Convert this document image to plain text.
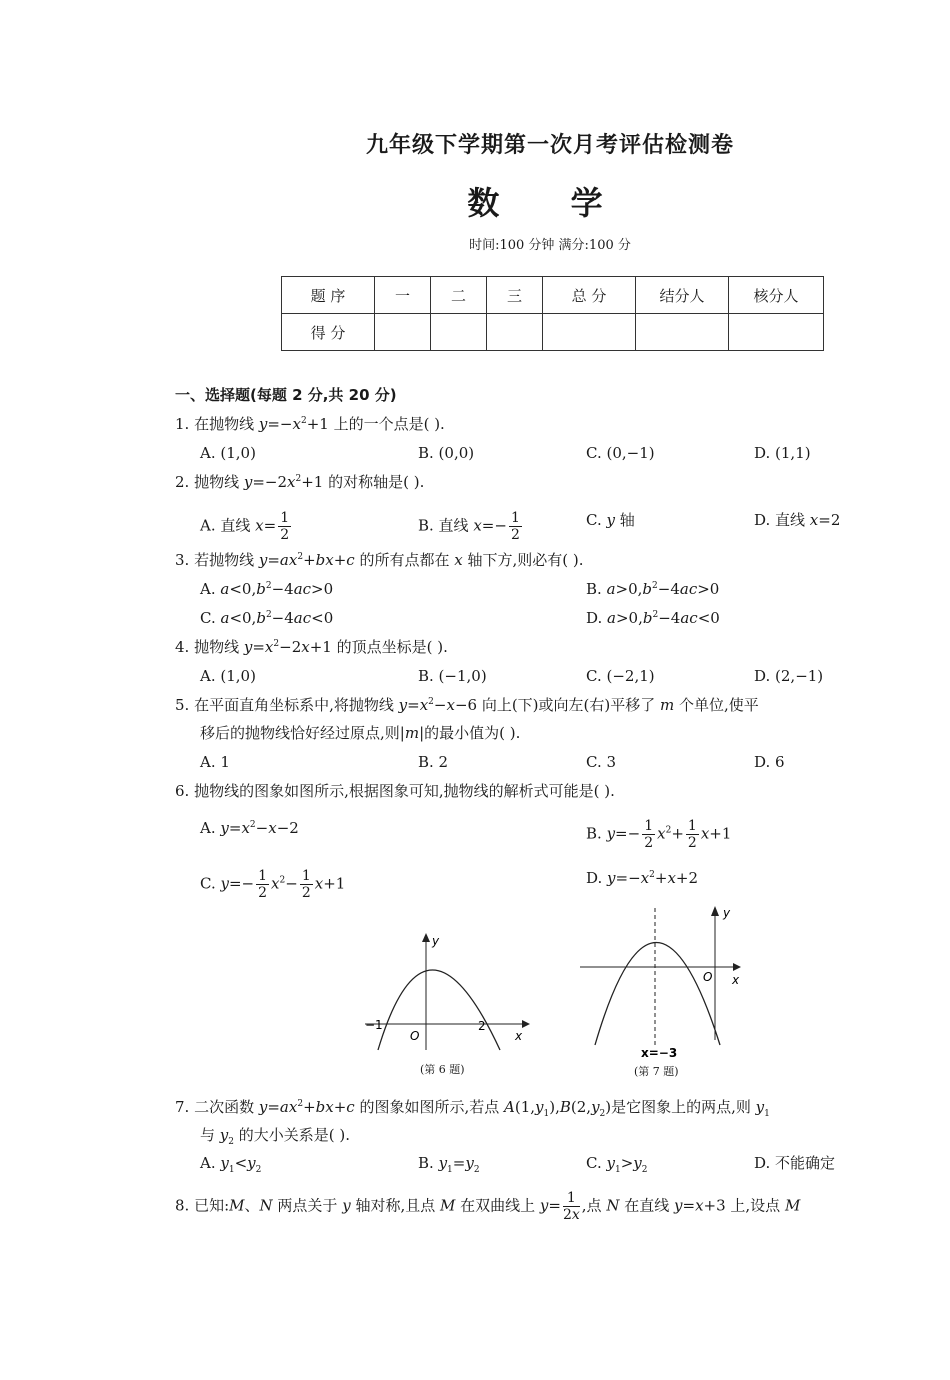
九年级下学期第一次月考评估检测卷
数 学
时间:100 分钟 满分:100 分
题 序	一	二	三	总 分	结分人	核分人
得 分						
一、选择题(每题 2 分,共 20 分)
1. 在抛物线 $y=-x^2+1$ 上的一个点是( ).
A. (1,0)	B. (0,0)	C. (0,−1)	D. (1,1)
2. 抛物线 $y=-2x^2+1$ 的对称轴是( ).
A. 直线 $x= \frac{1}{2}$	B. 直线 $x=- \frac{1}{2}$	C. y 轴	D. 直线 x=2
3. 若抛物线 $y=ax^2+bx+c$ 的所有点都在 x 轴下方,则必有( ).
A. $a<0,b^2-4ac>0$	B. $a>0,b^2-4ac>0$
C. $a<0,b^2-4ac<0$	D. $a>0,b^2-4ac<0$
4. 抛物线 $y=x^2-2x+1$ 的顶点坐标是( ).
A. (1,0)	B. (−1,0)	C. (−2,1)	D. (2,−1)
5. 在平面直角坐标系中,将抛物线 $y=x^2-x-6$ 向上(下)或向左(右)平移了 m 个单位,使平
移后的抛物线恰好经过原点,则|m|的最小值为( ).
A. 1	B. 2	C. 3	D. 6
6. 抛物线的图象如图所示,根据图象可知,抛物线的解析式可能是( ).
A. $y=x^2-x-2$	B. $y=- \frac{1}{2} x^2+ \frac{1}{2} x+1$
C. $y=- \frac{1}{2} x^2- \frac{1}{2} x+1$	D. $y=-x^2+x+2$
y
O	x
−1	2
(第 6 题)
y
O x
x=−3
(第 7 题)
7. 二次函数 $y=ax^2+bx+c$ 的图象如图所示,若点 $A(1,y_1),B(2,y_2)$是它图象上的两点,则 $y_1$
与 $y_2$ 的大小关系是( ).
A. $y_1<y_2$	B. $y_1=y_2$	C. $y_1>y_2$	D. 不能确定
8. 已知:M、N 两点关于 y 轴对称,且点 M 在双曲线上 $y= \frac{1}{2x}$ ,点 N 在直线 y=x+3 上,设点 M
